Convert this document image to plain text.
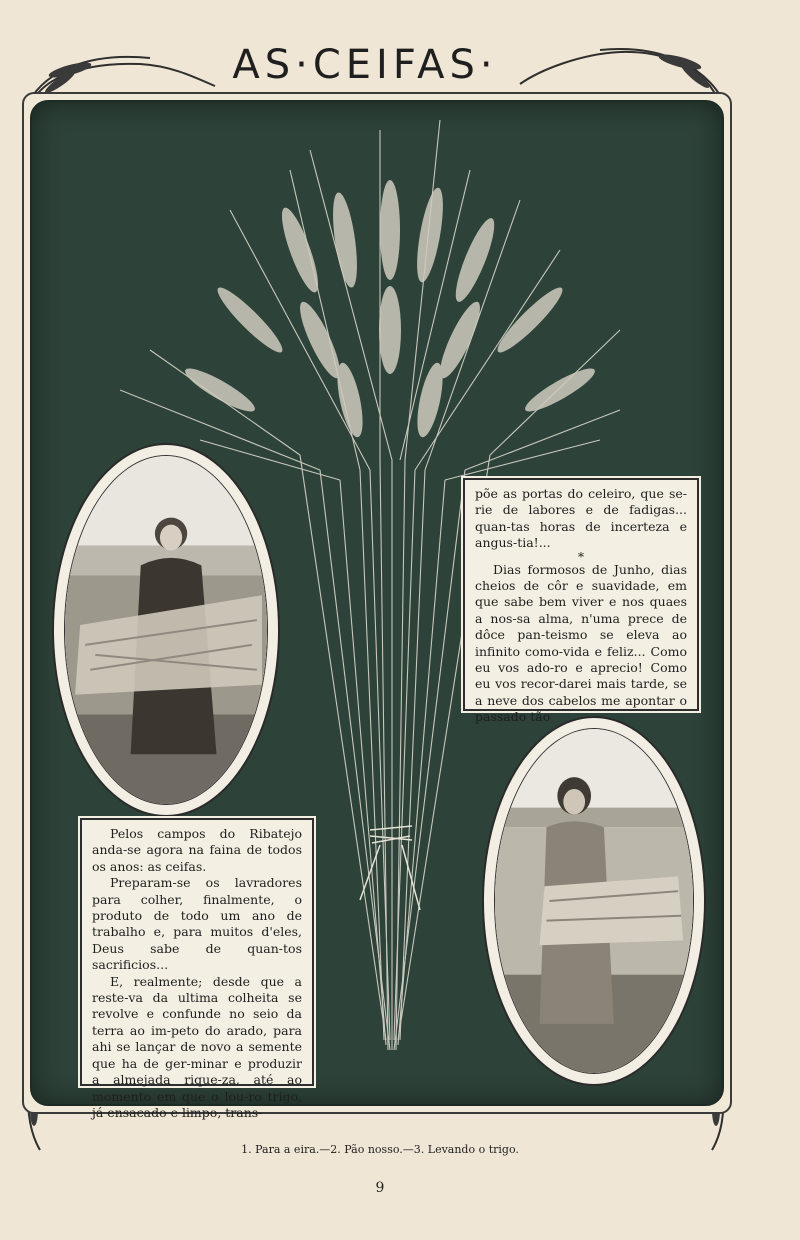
AS·CEIFAS·

põe as portas do celeiro, que se-rie de labores e de fadigas... quan-tas horas de incerteza e angus-tia!...

*

Dias formosos de Junho, dias cheios de côr e suavidade, em que sabe bem viver e nos quaes a nos-sa alma, n'uma prece de dôce pan-teismo se eleva ao infinito como-vida e feliz... Como eu vos ado-ro e aprecio! Como eu vos recor-darei mais tarde, se a neve dos cabelos me apontar o passado tão

Pelos campos do Ribatejo anda-se agora na faina de todos os anos: as ceifas.

Preparam-se os lavradores para colher, finalmente, o produto de todo um ano de trabalho e, para muitos d'eles, Deus sabe de quan-tos sacrificios...

E, realmente; desde que a reste-va da ultima colheita se revolve e confunde no seio da terra ao im-peto do arado, para ahi se lançar de novo a semente que ha de ger-minar e produzir a almejada rique-za, até ao momento em que o lou-ro trigo, já ensacado e limpo, trans-

1. Para a eira.—2. Pão nosso.—3. Levando o trigo.
9
